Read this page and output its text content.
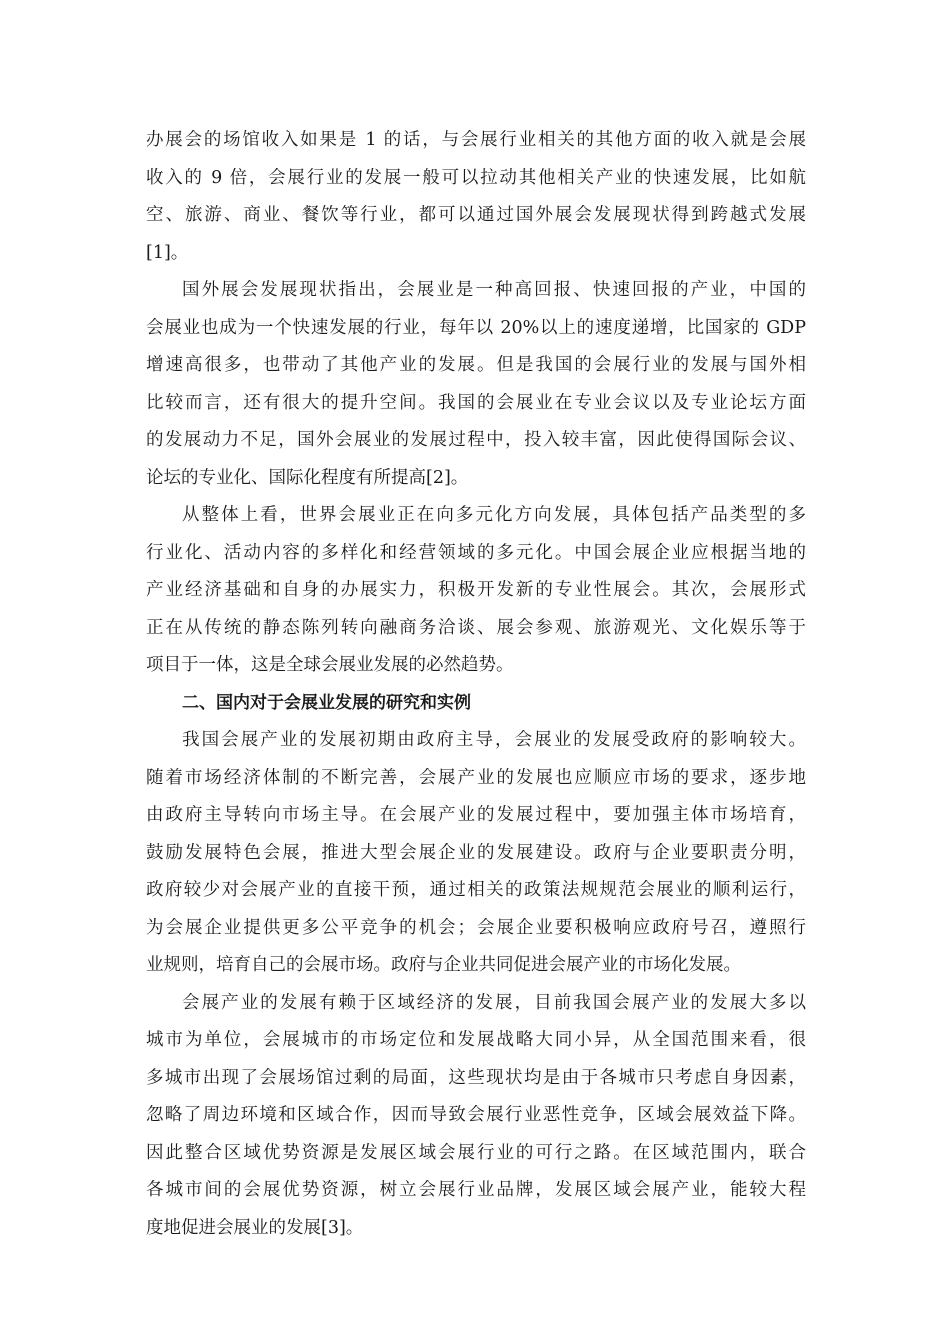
办展会的场馆收入如果是 1 的话，与会展行业相关的其他方面的收入就是会展
收入的 9 倍，会展行业的发展一般可以拉动其他相关产业的快速发展，比如航
空、旅游、商业、餐饮等行业，都可以通过国外展会发展现状得到跨越式发展
[1]。
国外展会发展现状指出，会展业是一种高回报、快速回报的产业，中国的
会展业也成为一个快速发展的行业，每年以 20%以上的速度递增，比国家的 GDP
增速高很多，也带动了其他产业的发展。但是我国的会展行业的发展与国外相
比较而言，还有很大的提升空间。我国的会展业在专业会议以及专业论坛方面
的发展动力不足，国外会展业的发展过程中，投入较丰富，因此使得国际会议、
论坛的专业化、国际化程度有所提高[2]。
从整体上看，世界会展业正在向多元化方向发展，具体包括产品类型的多
行业化、活动内容的多样化和经营领域的多元化。中国会展企业应根据当地的
产业经济基础和自身的办展实力，积极开发新的专业性展会。其次，会展形式
正在从传统的静态陈列转向融商务洽谈、展会参观、旅游观光、文化娱乐等于
项目于一体，这是全球会展业发展的必然趋势。
二、国内对于会展业发展的研究和实例
我国会展产业的发展初期由政府主导，会展业的发展受政府的影响较大。
随着市场经济体制的不断完善，会展产业的发展也应顺应市场的要求，逐步地
由政府主导转向市场主导。在会展产业的发展过程中，要加强主体市场培育，
鼓励发展特色会展，推进大型会展企业的发展建设。政府与企业要职责分明，
政府较少对会展产业的直接干预，通过相关的政策法规规范会展业的顺利运行，
为会展企业提供更多公平竞争的机会；会展企业要积极响应政府号召，遵照行
业规则，培育自己的会展市场。政府与企业共同促进会展产业的市场化发展。
会展产业的发展有赖于区域经济的发展，目前我国会展产业的发展大多以
城市为单位，会展城市的市场定位和发展战略大同小异，从全国范围来看，很
多城市出现了会展场馆过剩的局面，这些现状均是由于各城市只考虑自身因素，
忽略了周边环境和区域合作，因而导致会展行业恶性竞争，区域会展效益下降。
因此整合区域优势资源是发展区域会展行业的可行之路。在区域范围内，联合
各城市间的会展优势资源，树立会展行业品牌，发展区域会展产业，能较大程
度地促进会展业的发展[3]。
